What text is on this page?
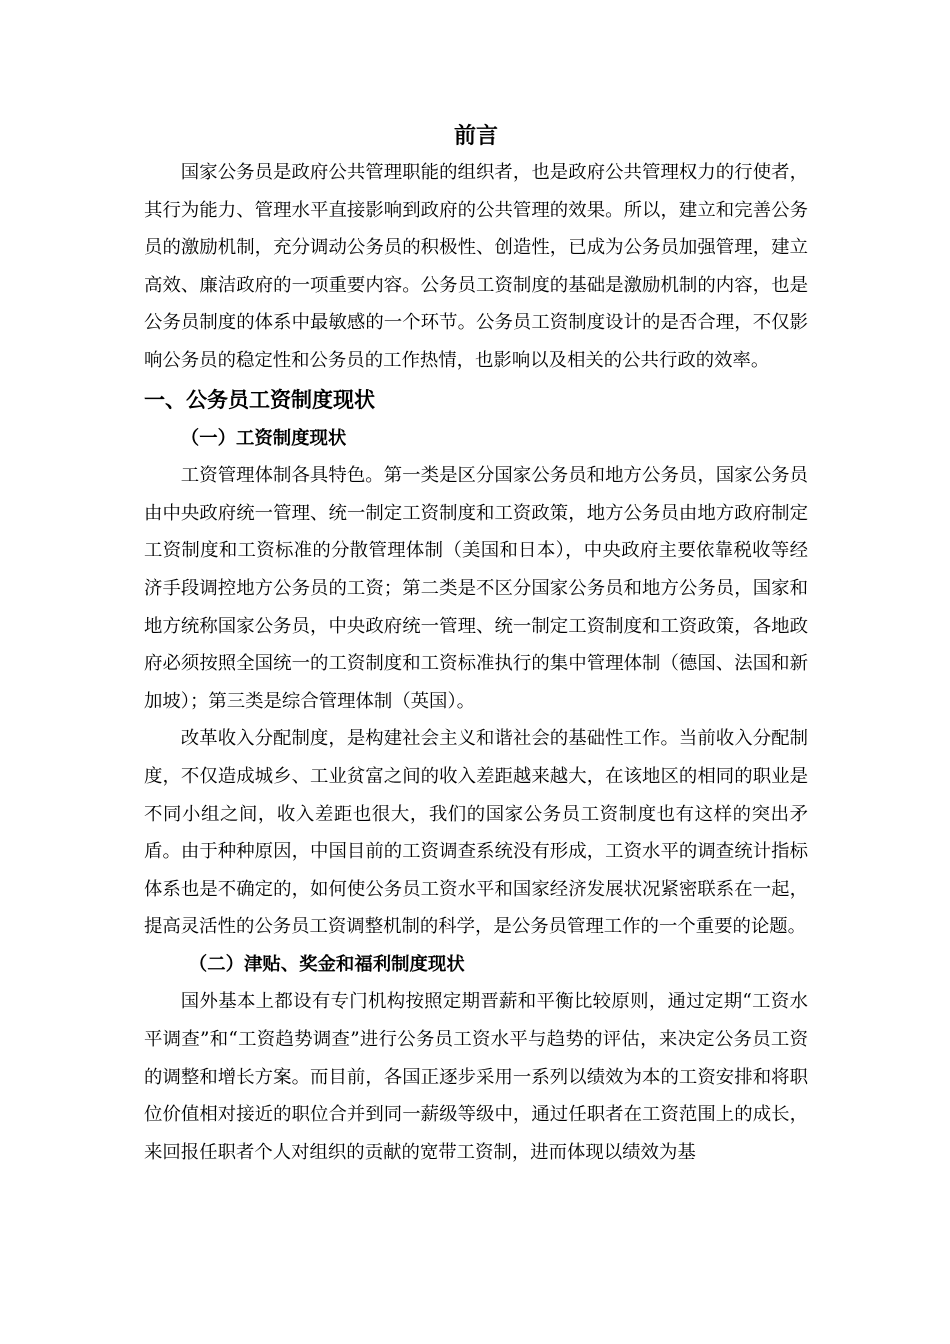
前言

国家公务员是政府公共管理职能的组织者，也是政府公共管理权力的行使者，其行为能力、管理水平直接影响到政府的公共管理的效果。所以，建立和完善公务员的激励机制，充分调动公务员的积极性、创造性，已成为公务员加强管理，建立高效、廉洁政府的一项重要内容。公务员工资制度的基础是激励机制的内容，也是公务员制度的体系中最敏感的一个环节。公务员工资制度设计的是否合理，不仅影响公务员的稳定性和公务员的工作热情，也影响以及相关的公共行政的效率。

一、公务员工资制度现状
（一）工资制度现状

工资管理体制各具特色。第一类是区分国家公务员和地方公务员，国家公务员由中央政府统一管理、统一制定工资制度和工资政策，地方公务员由地方政府制定工资制度和工资标准的分散管理体制（美国和日本），中央政府主要依靠税收等经济手段调控地方公务员的工资；第二类是不区分国家公务员和地方公务员，国家和地方统称国家公务员，中央政府统一管理、统一制定工资制度和工资政策，各地政府必须按照全国统一的工资制度和工资标准执行的集中管理体制（德国、法国和新加坡）；第三类是综合管理体制（英国）。

改革收入分配制度，是构建社会主义和谐社会的基础性工作。当前收入分配制度，不仅造成城乡、工业贫富之间的收入差距越来越大，在该地区的相同的职业是不同小组之间，收入差距也很大，我们的国家公务员工资制度也有这样的突出矛盾。由于种种原因，中国目前的工资调查系统没有形成，工资水平的调查统计指标体系也是不确定的，如何使公务员工资水平和国家经济发展状况紧密联系在一起，提高灵活性的公务员工资调整机制的科学，是公务员管理工作的一个重要的论题。

（二）津贴、奖金和福利制度现状

国外基本上都设有专门机构按照定期晋薪和平衡比较原则，通过定期“工资水平调查”和“工资趋势调查”进行公务员工资水平与趋势的评估，来决定公务员工资的调整和增长方案。而目前，各国正逐步采用一系列以绩效为本的工资安排和将职位价值相对接近的职位合并到同一薪级等级中，通过任职者在工资范围上的成长，来回报任职者个人对组织的贡献的宽带工资制，进而体现以绩效为基
